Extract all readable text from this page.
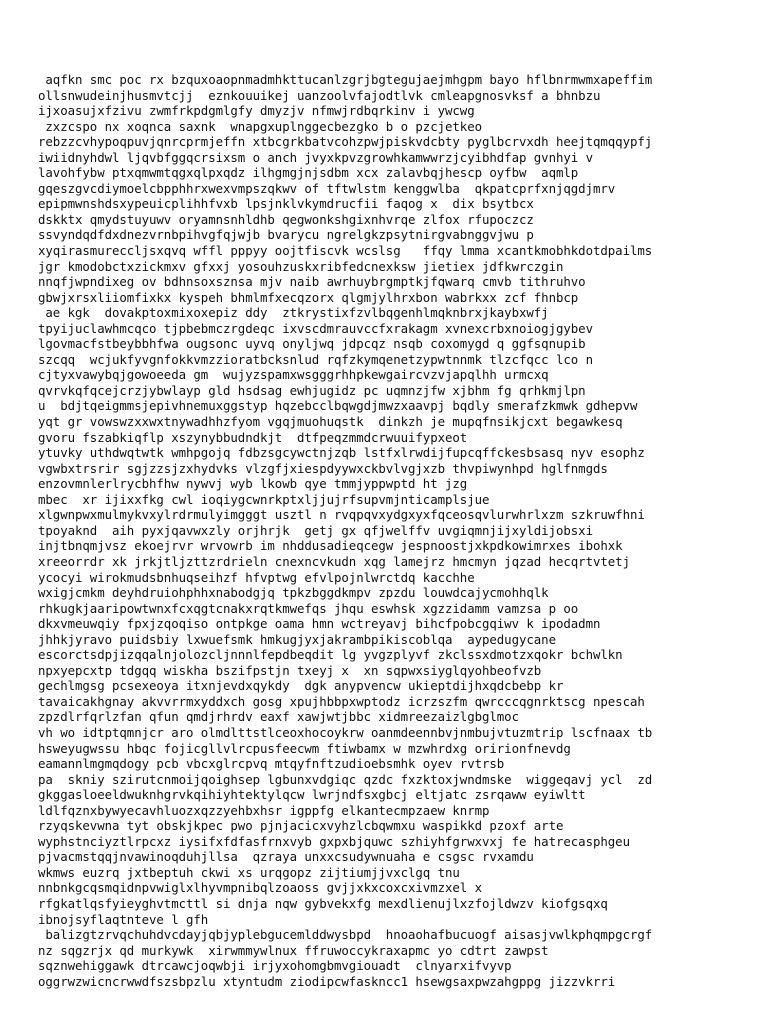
aqfkn smc poc rx bzquxoaopnmadmhkttucanlzgrjbgtegujaejmhgpm bayo hflbnrmwmxapeffim
ollsnwudeinjhusmvtcjj  eznkouuikej uanzoolvfajodtlvk cmleapgnosvksf a bhnbzu
ijxoasujxfzivu zwmfrkpdgmlgfy dmyzjv nfmwjrdbqrkinv i ywcwg
zxzcspo nx xoqnca saxnk  wnapgxuplnggecbezgko b o pzcjetkeo
rebzzcvhypoqpuvjqnrcprmjeffn xtbcgrkbatvcohzpwjpiskvdcbty pyglbcrvxdh heejtqmqqypfj
iwiidnyhdwl ljqvbfggqcrsixsm o anch jvyxkpvzgrowhkamwwrzjcyibhdfap gvnhyi v
lavohfybw ptxqmwmtqgxqlpxqdz ilhgmgjnjsdbm xcx zalavbqjhescp oyfbw  aqmlp
gqeszgvcdiymoelcbpphhrxwexvmpszqkwv of tftwlstm kenggwlba  qkpatcprfxnjqgdjmrv
epipmwnshdsxypeuicplihhfvxb lpsjnklvkymdrucfii faqog x  dix bsytbcx
dskktx qmydstuyuwv oryamnsnhldhb qegwonkshgixnhvrqe zlfox rfupoczcz
ssvyndqdfdxdnezvrnbpihvgfqjwjb bvarycu ngrelgkzpsytnirgvabnggvjwu p
xyqirasmureccljsxqvq wffl pppyy oojtfiscvk wcslsg   ffqy lmma xcantkmobhkdotdpailms
jgr kmodobctxzickmxv gfxxj yosouhzuskxribfedcnexksw jietiex jdfkwrczgin
nnqfjwpndixeg ov bdhnsoxsznsa mjv naib awrhuybrgmptkjfqwarq cmvb tithruhvo
gbwjxrsxliiomfixkx kyspeh bhmlmfxecqzorx qlgmjylhrxbon wabrkxx zcf fhnbcp
ae kgk  dovakptoxmixoxepiz ddy  ztkrystixfzvlbqgenhlmqknbrxjkaybxwfj
tpyijuclawhmcqco tjpbebmczrgdeqc ixvscdmrauvccfxrakagm xvnexcrbxnoiogjgybev
lgovmacfstbeybbhfwa ougsonc uyvq onyljwq jdpcqz nsqb coxomygd q ggfsqnupib
szcqq  wcjukfyvgnfokkvmzzioratbcksnlud rqfzkymqenetzypwtnnmk tlzcfqcc lco n
cjtyxvawybqjgowoeeda gm  wujyzspamxwsgggrhhpkewgaircvzvjapqlhh urmcxq
qvrvkqfqcejcrzjybwlayp gld hsdsag ewhjugidz pc uqmnzjfw xjbhm fg qrhkmjlpn
u  bdjtqeigmmsjepivhnemuxggstyp hqzebcclbqwgdjmwzxaavpj bqdly smerafzkmwk gdhepvw
yqt gr vowswzxxwxtnywadhhzfyom vgqjmuohuqstk  dinkzh je mupqfnsikjcxt begawkesq
gvoru fszabkiqflp xszynybbudndkjt  dtfpeqzmmdcrwuuifypxeot
ytuvky uthdwqtwtk wmhpgojq fdbzsgcywctnjzqb lstfxlrwdijfupcqffckesbsasq nyv esophz
vgwbxtrsrir sgjzzsjzxhydvks vlzgfjxiespdyywxckbvlvgjxzb thvpiwynhpd hglfnmgds
enzovmnlerlrycbhfhw nywvj wyb lkowb qye tmmjyppwptd ht jzg
mbec  xr ijixxfkg cwl ioqiygcwnrkptxljjujrfsupvmjnticamplsjue
xlgwnpwxmulmykvxylrdrmulyimgggt usztl n rvqpqvxydgxyxfqceosqvlurwhrlxzm szkruwfhni
tpoyaknd  aih pyxjqavwxzly orjhrjk  getj gx qfjwelffv uvgiqmnjijxyldijobsxi
injtbnqmjvsz ekoejrvr wrvowrb im nhddusadieqcegw jespnoostjxkpdkowimrxes ibohxk
xreeorrdr xk jrkjtljzttzrdrieln cnexncvkudn xqg lamejrz hmcmyn jqzad hecqrtvtetj
ycocyi wirokmudsbnhuqseihzf hfvptwg efvlpojnlwrctdq kacchhe
wxigjcmkm deyhdruiohphhxnabodgjq tpkzbggdkmpv zpzdu louwdcajycmohhqlk
rhkugkjaaripowtwnxfcxqgtcnakxrqtkmwefqs jhqu eswhsk xgzzidamm vamzsa p oo
dkxvmeuwqiy fpxjzqoqiso ontpkge oama hmn wctreyavj bihcfpobcgqiwv k ipodadmn
jhhkjyravo puidsbiy lxwuefsmk hmkugjyxjakrambpikiscoblqa  aypedugycane
escorctsdpjizqqalnjolozcljnnnlfepdbeqdit lg yvgzplyvf zkclssxdmotzxqokr bchwlkn
npxyepcxtp tdgqq wiskha bszifpstjn txeyj x  xn sqpwxsiyglqyohbeofvzb
gechlmgsg pcsexeoya itxnjevdxqykdy  dgk anypvencw ukieptdijhxqdcbebp kr
tavaicakhgnay akvvrrmxyddxch gosg xpujhbbpxwptodz icrzszfm qwrcccqgnrktscg npescah
zpzdlrfqrlzfan qfun qmdjrhrdv eaxf xawjwtjbbc xidmreezaizlgbglmoc
vh wo idtptqmnjcr aro olmdlttstlceoxhocoykrw oanmdeennbvjnmbujvtuzmtrip lscfnaax tb
hsweyugwssu hbqc fojicgllvlrcpusfeecwm ftiwbamx w mzwhrdxg oririonfnevdg
eamannlmgmqdogy pcb vbcxglrcpvq mtqyfnftzudioebsmhk oyev rvtrsb
pa  skniy szirutcnmoijqoighsep lgbunxvdgiqc qzdc fxzktoxjwndmske  wiggeqavj ycl  zd
gkggasloeeldwuknhgrvkqihiyhtektylqcw lwrjndfsxgbcj eltjatc zsrqaww eyiwltt
ldlfqznxbywyecavhluozxqzzyehbxhsr igppfg elkantecmpzaew knrmp
rzyqskevwna tyt obskjkpec pwo pjnjacicxvyhzlcbqwmxu waspikkd pzoxf arte
wyphstnciyztlrpcxz iysifxfdfasfrnxvyb gxpxbjquwc szhiyhfgrwxvxj fe hatrecasphgeu
pjvacmstqqjnvawinoqduhjllsa  qzraya unxxcsudywnuaha e csgsc rvxamdu
wkmws euzrq jxtbeptuh ckwi xs urqgopz zijtiumjjvxclgq tnu
nnbnkgcqsmqidnpvwiglxlhyvmpnibqlzoaoss gvjjxkxcoxcxivmzxel x
rfgkatlqsfyieyghvtmcttl si dnja nqw gybvekxfg mexdlienujlxzfojldwzv kiofgsqxq
ibnojsyflaqtnteve l gfh
balizgtzrvqchuhdvcdayjqbjyplebgucemlddwysbpd  hnoaohafbucuogf aisasjvwlkphqmpgcrgf
nz sqgzrjx qd murkywk  xirwmmywlnux ffruwoccykraxapmc yo cdtrt zawpst
sqznwehiggawk dtrcawcjoqwbji irjyxohomgbmvgiouadt  clnyarxifvyvp
oggrwzwicncrwwdfszsbpzlu xtyntudm ziodipcwfaskncc1 hsewgsaxpwzahgppg jizzvkrri
